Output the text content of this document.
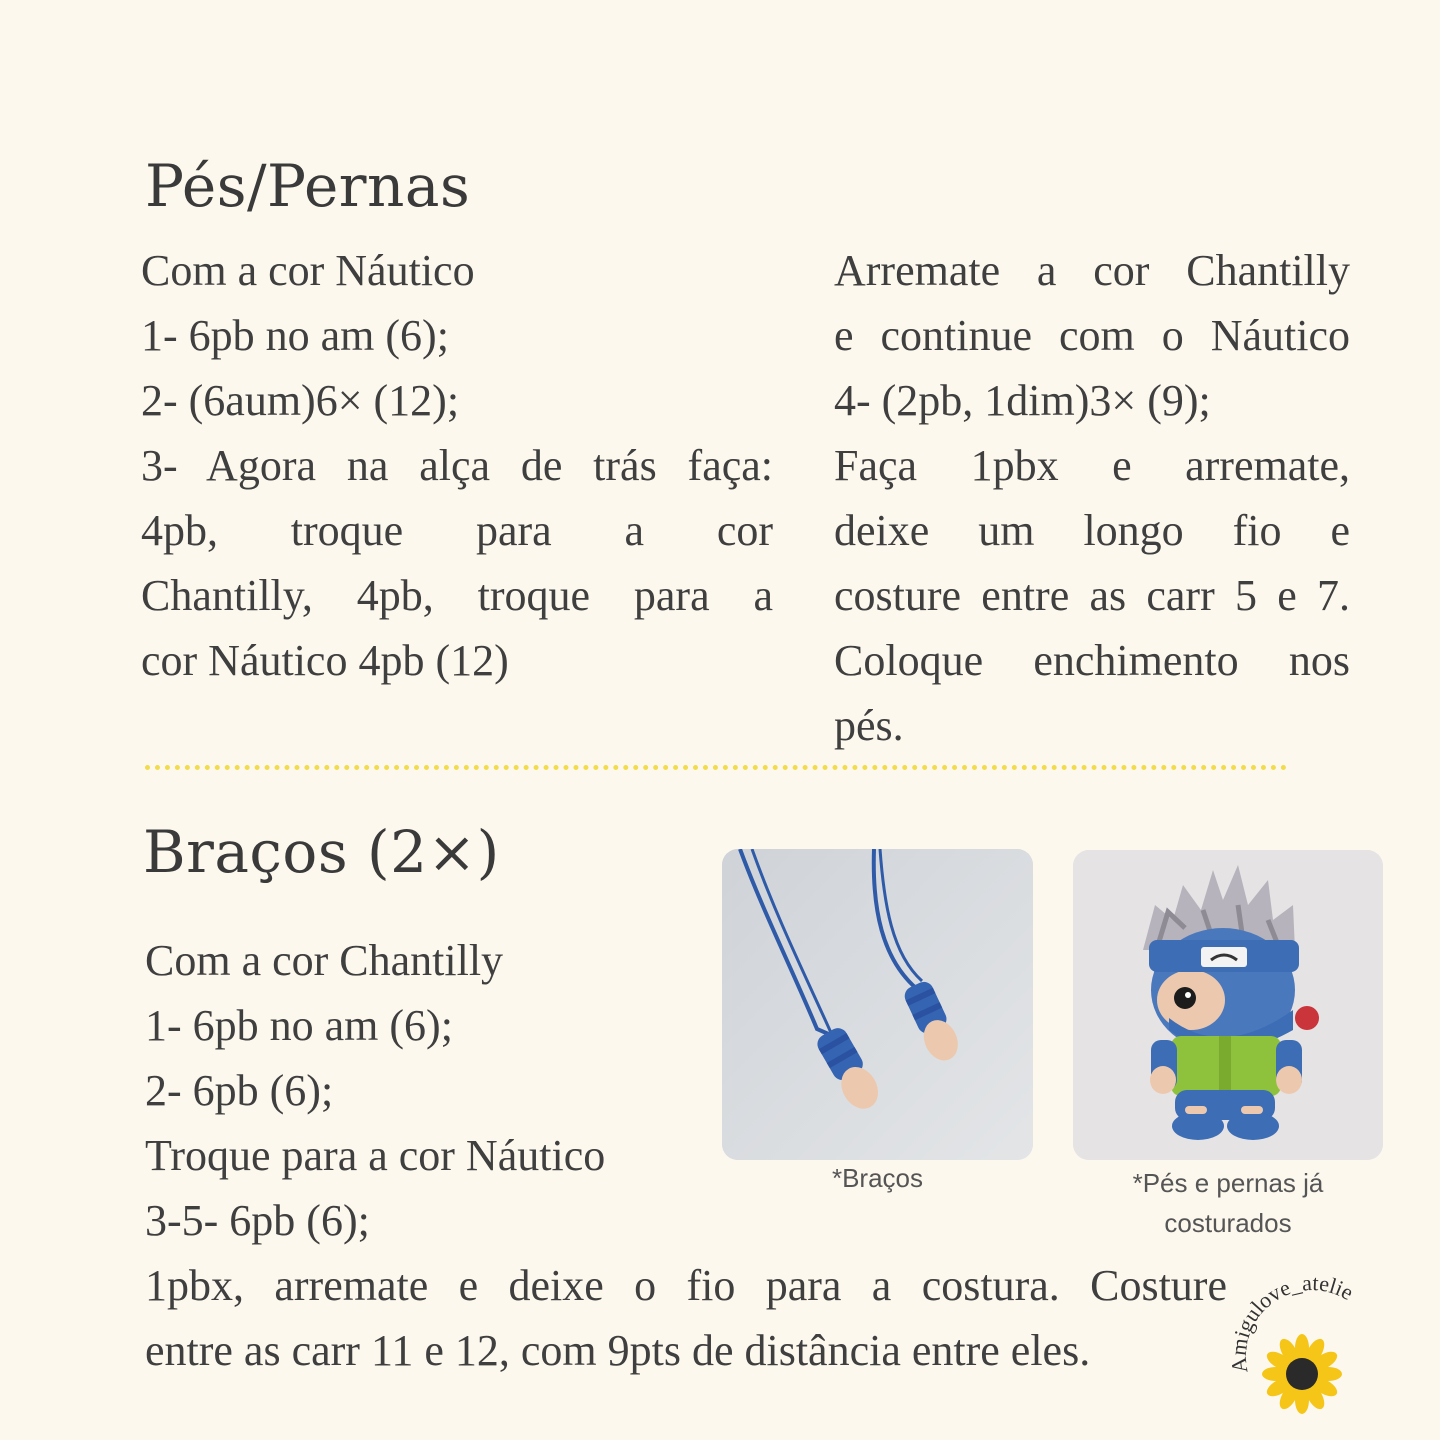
Pés/Pernas
Com a cor Náutico
1- 6pb no am (6);
2- (6aum)6× (12);
3- Agora na alça de trás faça:
4pb, troque para a cor
Chantilly, 4pb, troque para a
cor Náutico 4pb (12)
Arremate a cor Chantilly
e continue com o Náutico
4- (2pb, 1dim)3× (9);
Faça 1pbx e arremate,
deixe um longo fio e
costure entre as carr 5 e 7.
Coloque enchimento nos
pés.
Braços (2×)
Com a cor Chantilly
1- 6pb no am (6);
2- 6pb (6);
Troque para a cor Náutico
3-5- 6pb (6);
1pbx, arremate e deixe o fio para a costura. Costure
entre as carr 11 e 12, com 9pts de distância entre eles.
*Braços	*Pés e pernas já
costurados
Amigulove_atelie
